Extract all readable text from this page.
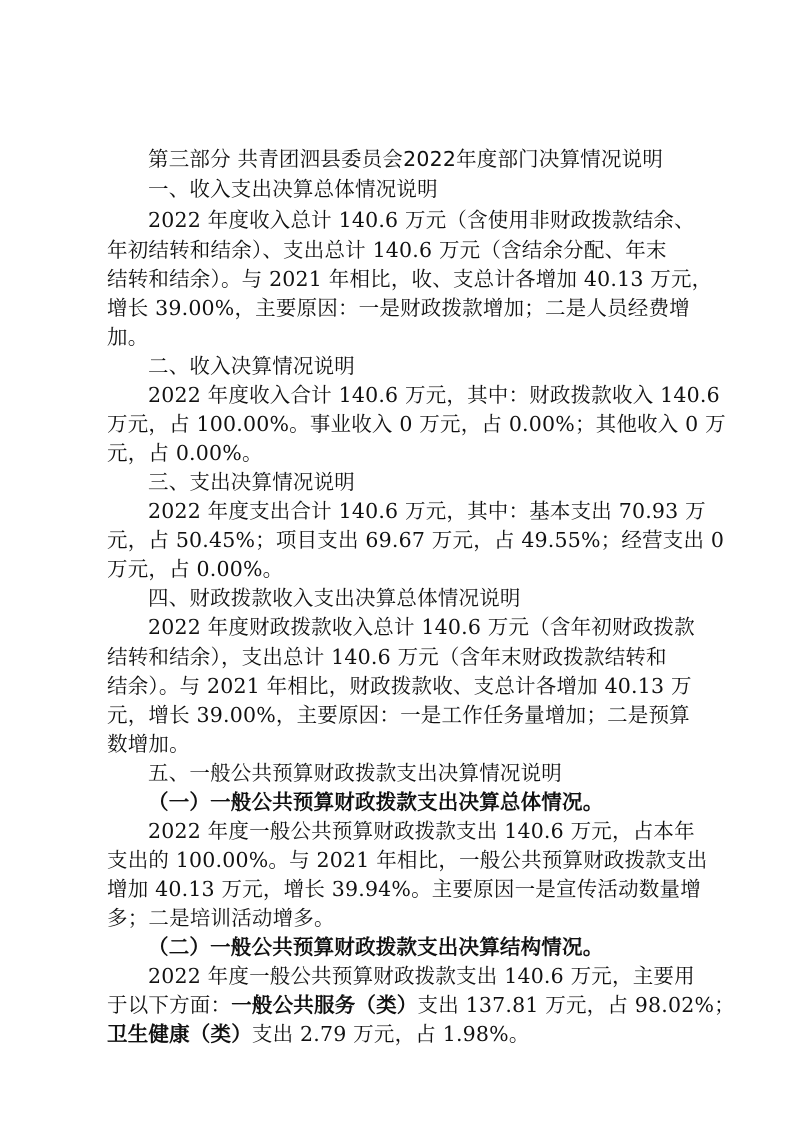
第三部分 共青团泗县委员会2022年度部门决算情况说明
一、收入支出决算总体情况说明
2022 年度收入总计 140.6 万元（含使用非财政拨款结余、
年初结转和结余）、支出总计 140.6 万元（含结余分配、年末
结转和结余）。与 2021 年相比，收、支总计各增加 40.13 万元，
增长 39.00%，主要原因：一是财政拨款增加；二是人员经费增
加。
二、收入决算情况说明
2022 年度收入合计 140.6 万元，其中：财政拨款收入 140.6
万元，占 100.00%。事业收入 0 万元，占 0.00%；其他收入 0 万
元，占 0.00%。
三、支出决算情况说明
2022 年度支出合计 140.6 万元，其中：基本支出 70.93 万
元，占 50.45%；项目支出 69.67 万元，占 49.55%；经营支出 0
万元，占 0.00%。
四、财政拨款收入支出决算总体情况说明
2022 年度财政拨款收入总计 140.6 万元（含年初财政拨款
结转和结余），支出总计 140.6 万元（含年末财政拨款结转和
结余）。与 2021 年相比，财政拨款收、支总计各增加 40.13 万
元，增长 39.00%，主要原因：一是工作任务量增加；二是预算
数增加。
五、一般公共预算财政拨款支出决算情况说明
（一）一般公共预算财政拨款支出决算总体情况。
2022 年度一般公共预算财政拨款支出 140.6 万元，占本年
支出的 100.00%。与 2021 年相比，一般公共预算财政拨款支出
增加 40.13 万元，增长 39.94%。主要原因一是宣传活动数量增
多；二是培训活动增多。
（二）一般公共预算财政拨款支出决算结构情况。
2022 年度一般公共预算财政拨款支出 140.6 万元，主要用
于以下方面：一般公共服务（类）支出 137.81 万元，占 98.02%；
卫生健康（类）支出 2.79 万元，占 1.98%。
